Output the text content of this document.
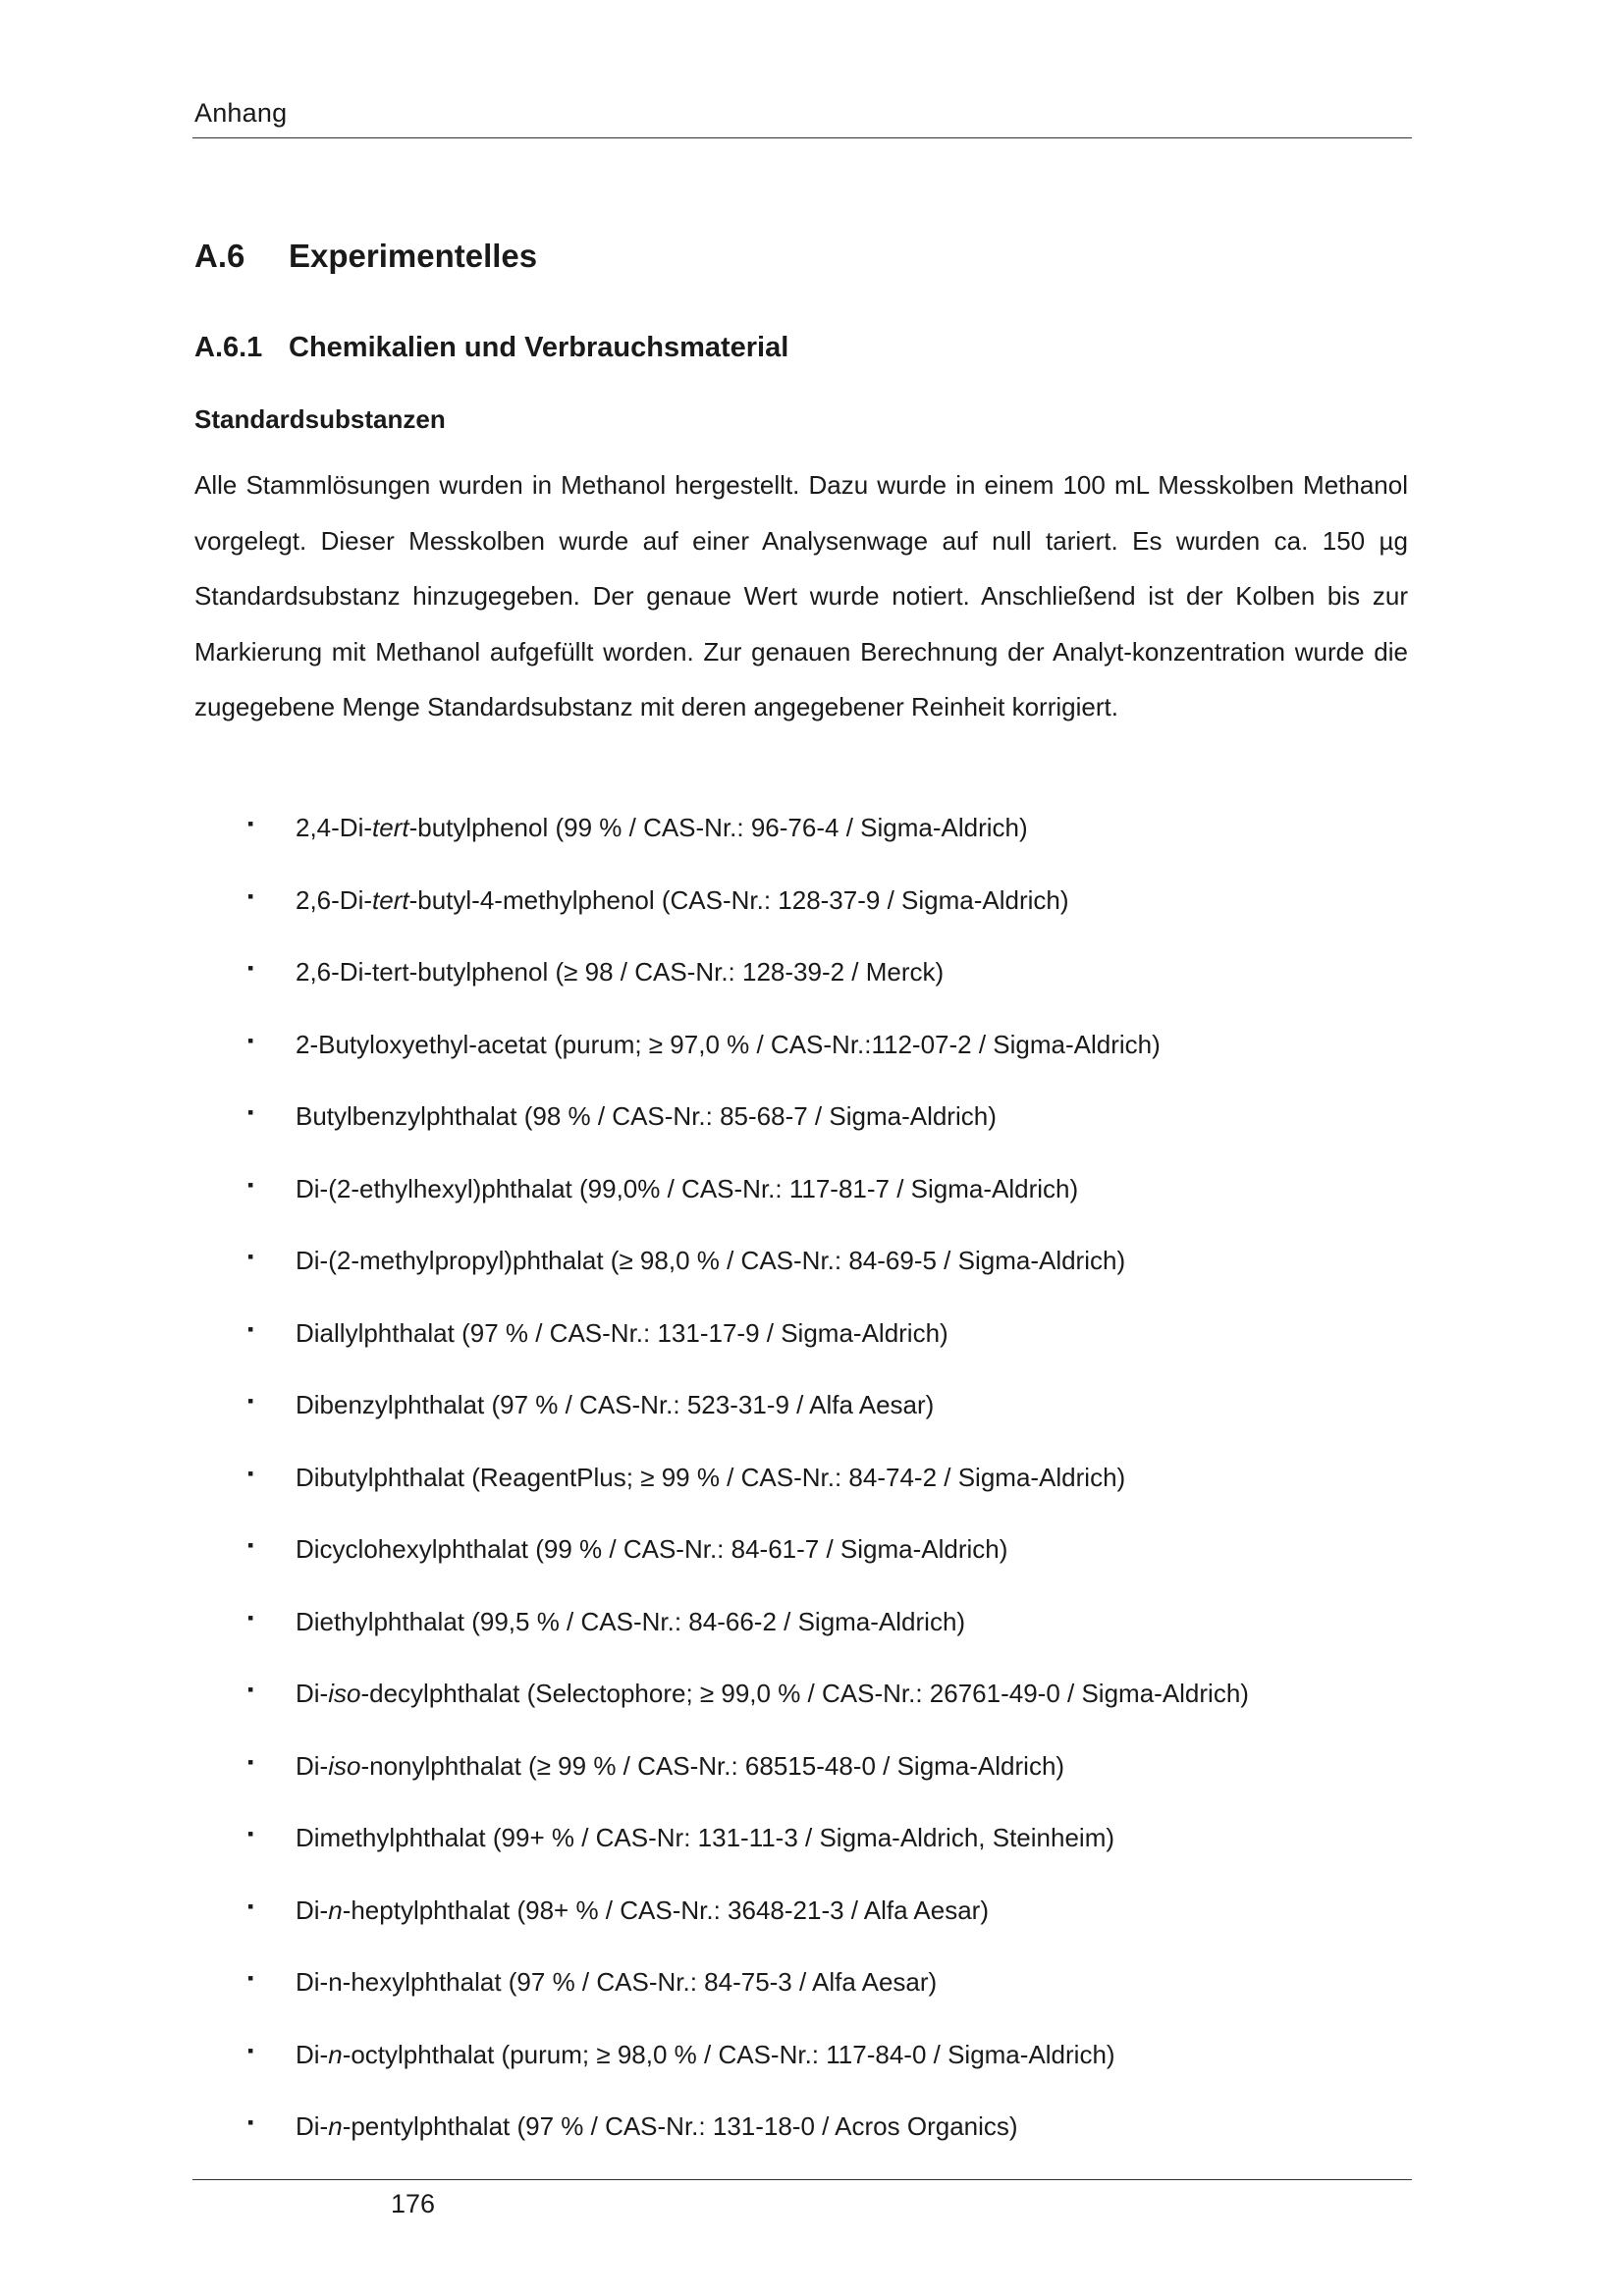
Anhang
A.6 Experimentelles
A.6.1 Chemikalien und Verbrauchsmaterial
Standardsubstanzen

Alle Stammlösungen wurden in Methanol hergestellt. Dazu wurde in einem 100 mL Messkolben Methanol vorgelegt. Dieser Messkolben wurde auf einer Analysenwage auf null tariert. Es wurden ca. 150 µg Standardsubstanz hinzugegeben. Der genaue Wert wurde notiert. Anschließend ist der Kolben bis zur Markierung mit Methanol aufgefüllt worden. Zur genauen Berechnung der Analyt-konzentration wurde die zugegebene Menge Standardsubstanz mit deren angegebener Reinheit korrigiert.

▪ 2,4-Di-tert-butylphenol (99 % / CAS-Nr.: 96-76-4 / Sigma-Aldrich)
▪ 2,6-Di-tert-butyl-4-methylphenol (CAS-Nr.: 128-37-9 / Sigma-Aldrich)
▪ 2,6-Di-tert-butylphenol (≥ 98 / CAS-Nr.: 128-39-2 / Merck)
▪ 2-Butyloxyethyl-acetat (purum; ≥ 97,0 % / CAS-Nr.:112-07-2 / Sigma-Aldrich)
▪ Butylbenzylphthalat (98 % / CAS-Nr.: 85-68-7 / Sigma-Aldrich)
▪ Di-(2-ethylhexyl)phthalat (99,0% / CAS-Nr.: 117-81-7 / Sigma-Aldrich)
▪ Di-(2-methylpropyl)phthalat (≥ 98,0 % / CAS-Nr.: 84-69-5 / Sigma-Aldrich)
▪ Diallylphthalat (97 % / CAS-Nr.: 131-17-9 / Sigma-Aldrich)
▪ Dibenzylphthalat (97 % / CAS-Nr.: 523-31-9 / Alfa Aesar)
▪ Dibutylphthalat (ReagentPlus; ≥ 99 % / CAS-Nr.: 84-74-2 / Sigma-Aldrich)
▪ Dicyclohexylphthalat (99 % / CAS-Nr.: 84-61-7 / Sigma-Aldrich)
▪ Diethylphthalat (99,5 % / CAS-Nr.: 84-66-2 / Sigma-Aldrich)
▪ Di-iso-decylphthalat (Selectophore; ≥ 99,0 % / CAS-Nr.: 26761-49-0 / Sigma-Aldrich)
▪ Di-iso-nonylphthalat (≥ 99 % / CAS-Nr.: 68515-48-0 / Sigma-Aldrich)
▪ Dimethylphthalat (99+ % / CAS-Nr: 131-11-3 / Sigma-Aldrich, Steinheim)
▪ Di-n-heptylphthalat (98+ % / CAS-Nr.: 3648-21-3 / Alfa Aesar)
▪ Di-n-hexylphthalat (97 % / CAS-Nr.: 84-75-3 / Alfa Aesar)
▪ Di-n-octylphthalat (purum; ≥ 98,0 % / CAS-Nr.: 117-84-0 / Sigma-Aldrich)
▪ Di-n-pentylphthalat (97 % / CAS-Nr.: 131-18-0 / Acros Organics)
176
